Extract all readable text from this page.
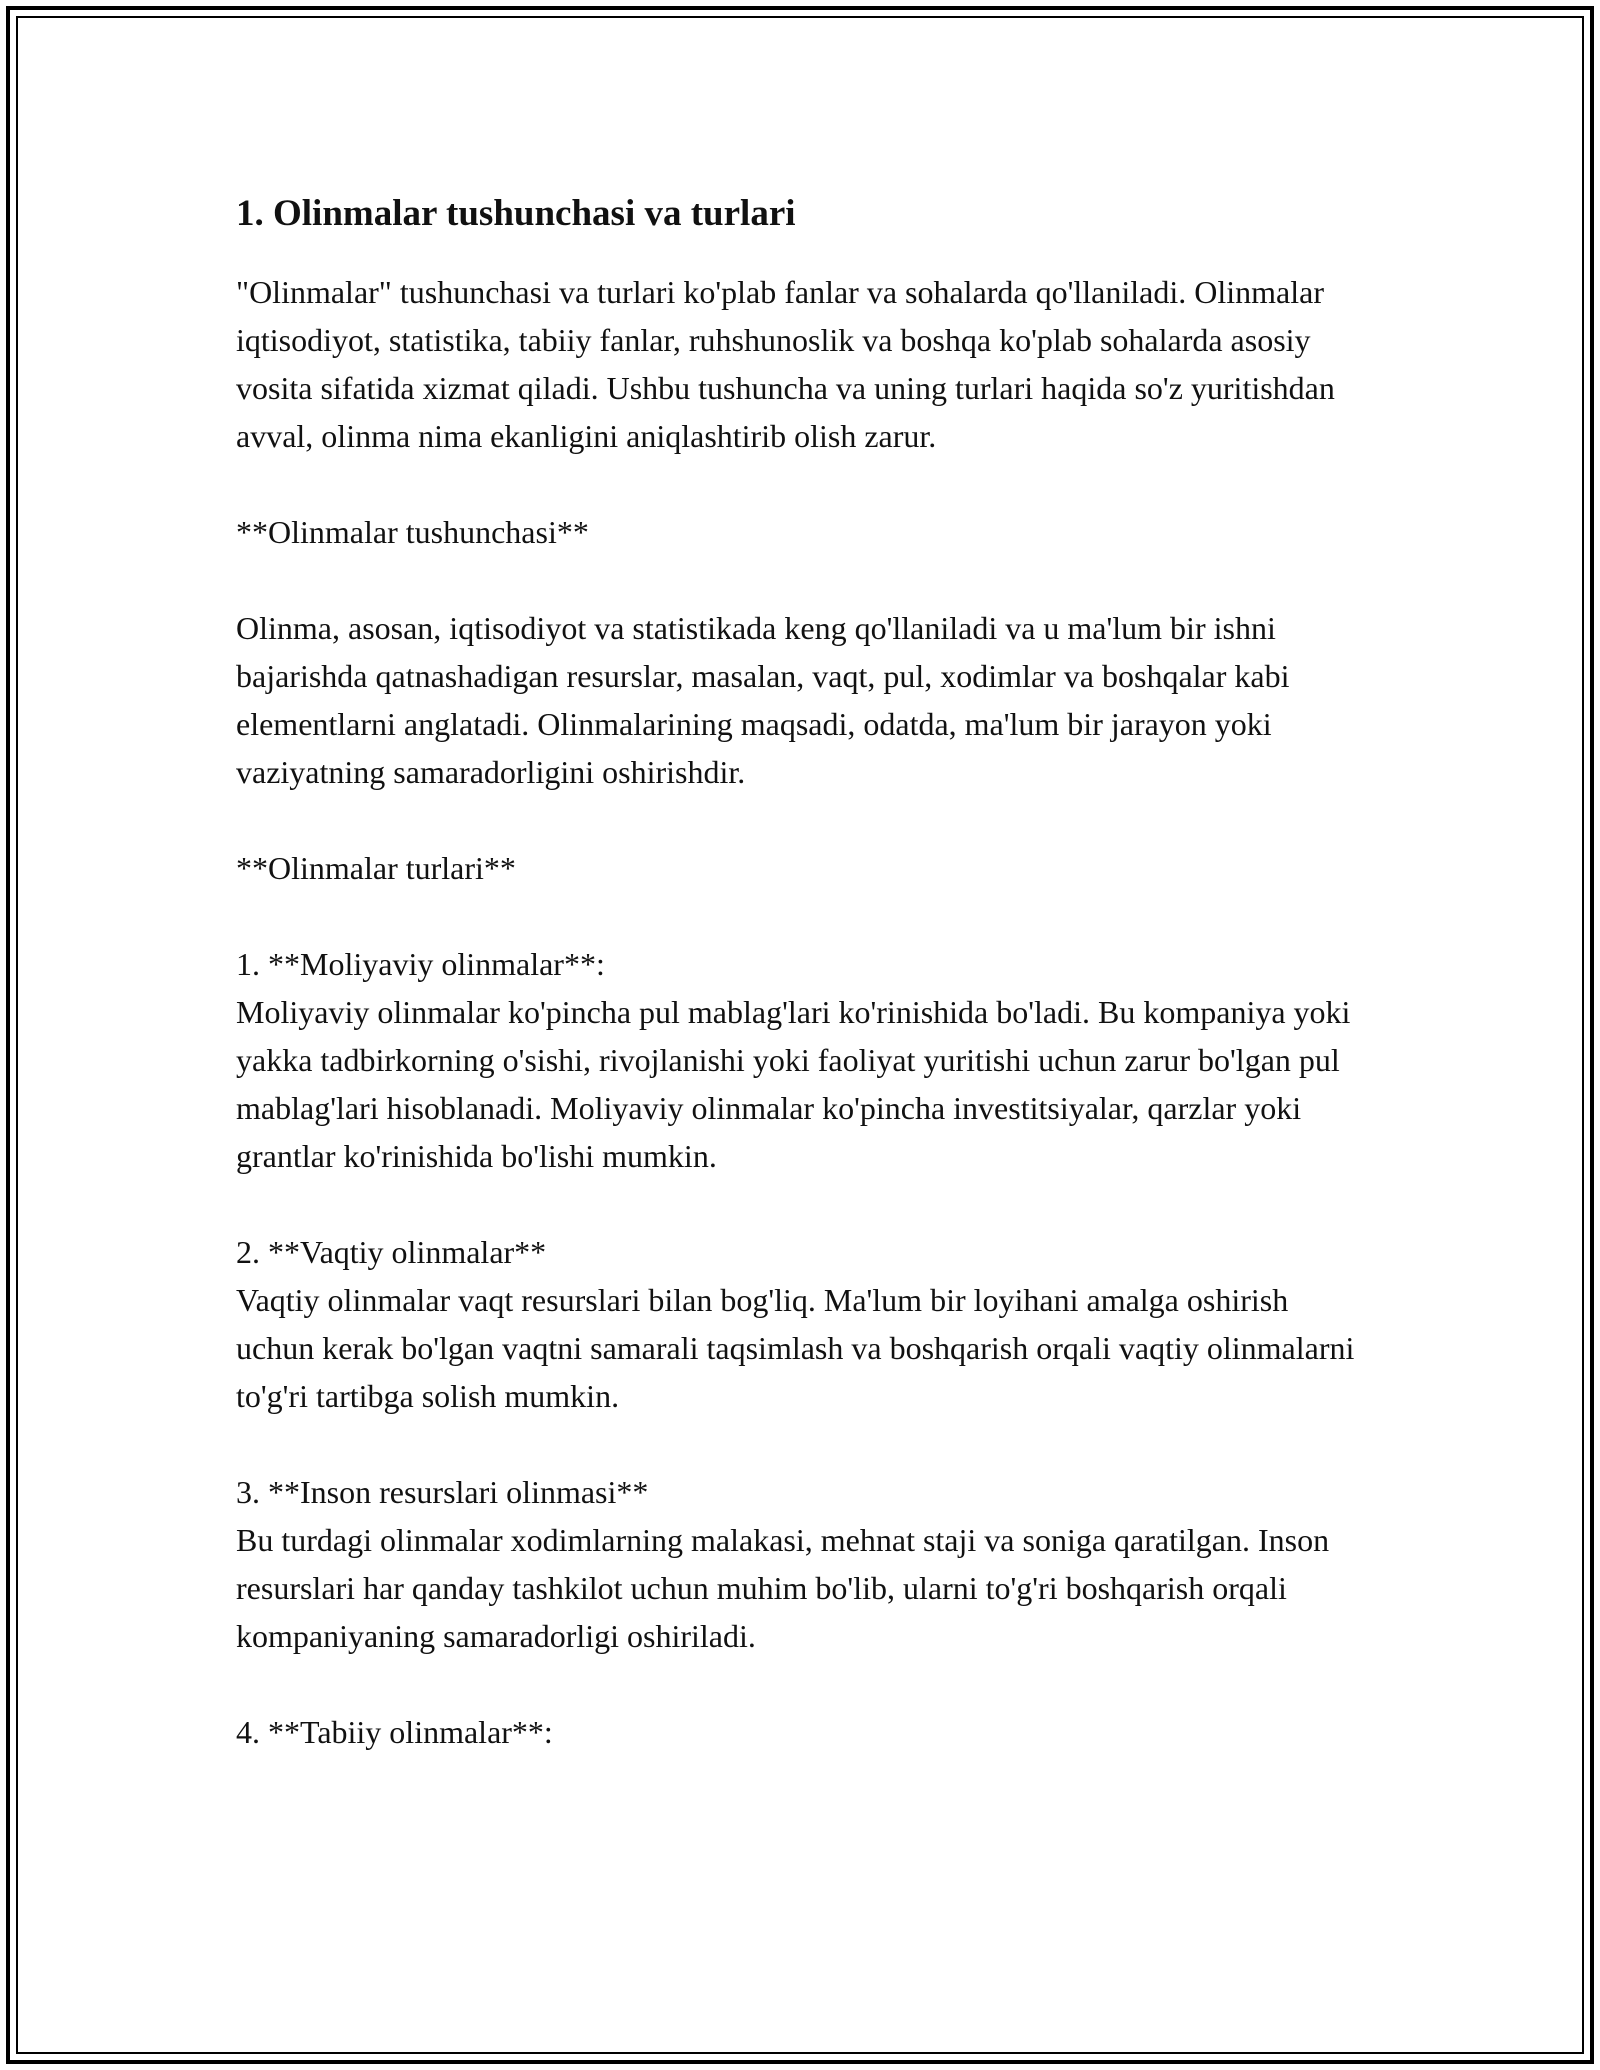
1. Olinmalar tushunchasi va turlari

"Olinmalar" tushunchasi va turlari ko'plab fanlar va sohalarda qo'llaniladi. Olinmalar iqtisodiyot, statistika, tabiiy fanlar, ruhshunoslik va boshqa ko'plab sohalarda asosiy vosita sifatida xizmat qiladi. Ushbu tushuncha va uning turlari haqida so'z yuritishdan avval, olinma nima ekanligini aniqlashtirib olish zarur.

**Olinmalar tushunchasi**

Olinma, asosan, iqtisodiyot va statistikada keng qo'llaniladi va u ma'lum bir ishni bajarishda qatnashadigan resurslar, masalan, vaqt, pul, xodimlar va boshqalar kabi elementlarni anglatadi. Olinmalarining maqsadi, odatda, ma'lum bir jarayon yoki vaziyatning samaradorligini oshirishdir.

**Olinmalar turlari**

1. **Moliyaviy olinmalar**:
Moliyaviy olinmalar ko'pincha pul mablag'lari ko'rinishida bo'ladi. Bu kompaniya yoki yakka tadbirkorning o'sishi, rivojlanishi yoki faoliyat yuritishi uchun zarur bo'lgan pul mablag'lari hisoblanadi. Moliyaviy olinmalar ko'pincha investitsiyalar, qarzlar yoki grantlar ko'rinishida bo'lishi mumkin.
2. **Vaqtiy olinmalar**
Vaqtiy olinmalar vaqt resurslari bilan bog'liq. Ma'lum bir loyihani amalga oshirish uchun kerak bo'lgan vaqtni samarali taqsimlash va boshqarish orqali vaqtiy olinmalarni to'g'ri tartibga solish mumkin.
3. **Inson resurslari olinmasi**
Bu turdagi olinmalar xodimlarning malakasi, mehnat staji va soniga qaratilgan. Inson resurslari har qanday tashkilot uchun muhim bo'lib, ularni to'g'ri boshqarish orqali kompaniyaning samaradorligi oshiriladi.
4. **Tabiiy olinmalar**:
